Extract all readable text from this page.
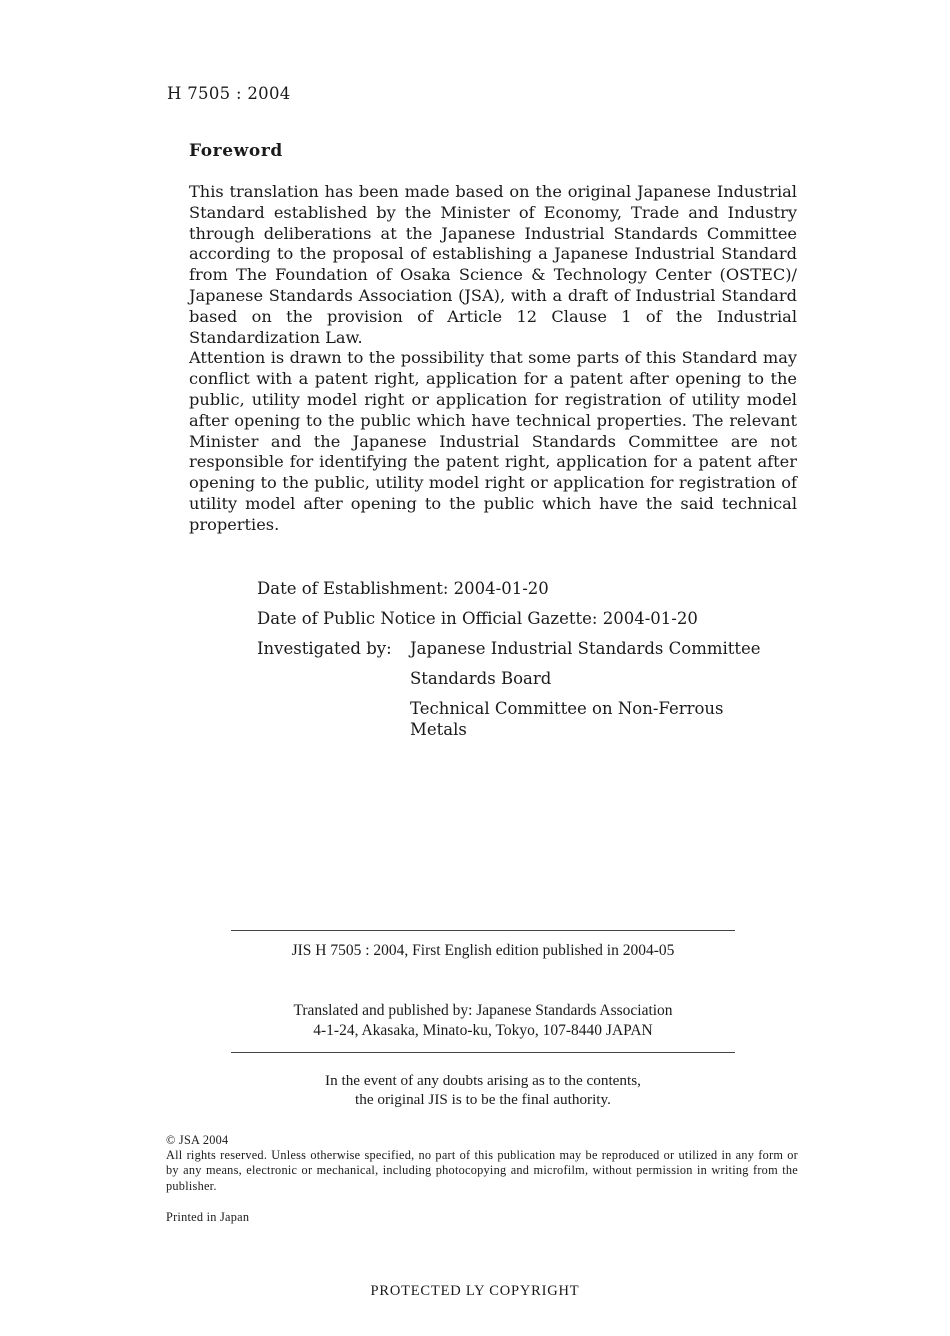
H 7505 : 2004
Foreword

This translation has been made based on the original Japanese Industrial Standard established by the Minister of Economy, Trade and Industry through deliberations at the Japanese Industrial Standards Committee according to the proposal of establishing a Japanese Industrial Standard from The Foundation of Osaka Science & Technology Center (OSTEC)/ Japanese Standards Association (JSA), with a draft of Industrial Standard based on the provision of Article 12 Clause 1 of the Industrial Standardization Law.

Attention is drawn to the possibility that some parts of this Standard may conflict with a patent right, application for a patent after opening to the public, utility model right or application for registration of utility model after opening to the public which have technical properties. The relevant Minister and the Japanese Industrial Standards Committee are not responsible for identifying the patent right, application for a patent after opening to the public, utility model right or application for registration of utility model after opening to the public which have the said technical properties.

Date of Establishment: 2004-01-20
Date of Public Notice in Official Gazette: 2004-01-20
Investigated by: Japanese Industrial Standards Committee
Standards Board
Technical Committee on Non-Ferrous Metals
JIS H 7505 : 2004, First English edition published in 2004-05
Translated and published by: Japanese Standards Association
4-1-24, Akasaka, Minato-ku, Tokyo, 107-8440 JAPAN
In the event of any doubts arising as to the contents,
the original JIS is to be the final authority.

© JSA 2004

All rights reserved. Unless otherwise specified, no part of this publication may be reproduced or utilized in any form or by any means, electronic or mechanical, including photocopying and microfilm, without permission in writing from the publisher.

Printed in Japan
PROTECTED LY COPYRIGHT
